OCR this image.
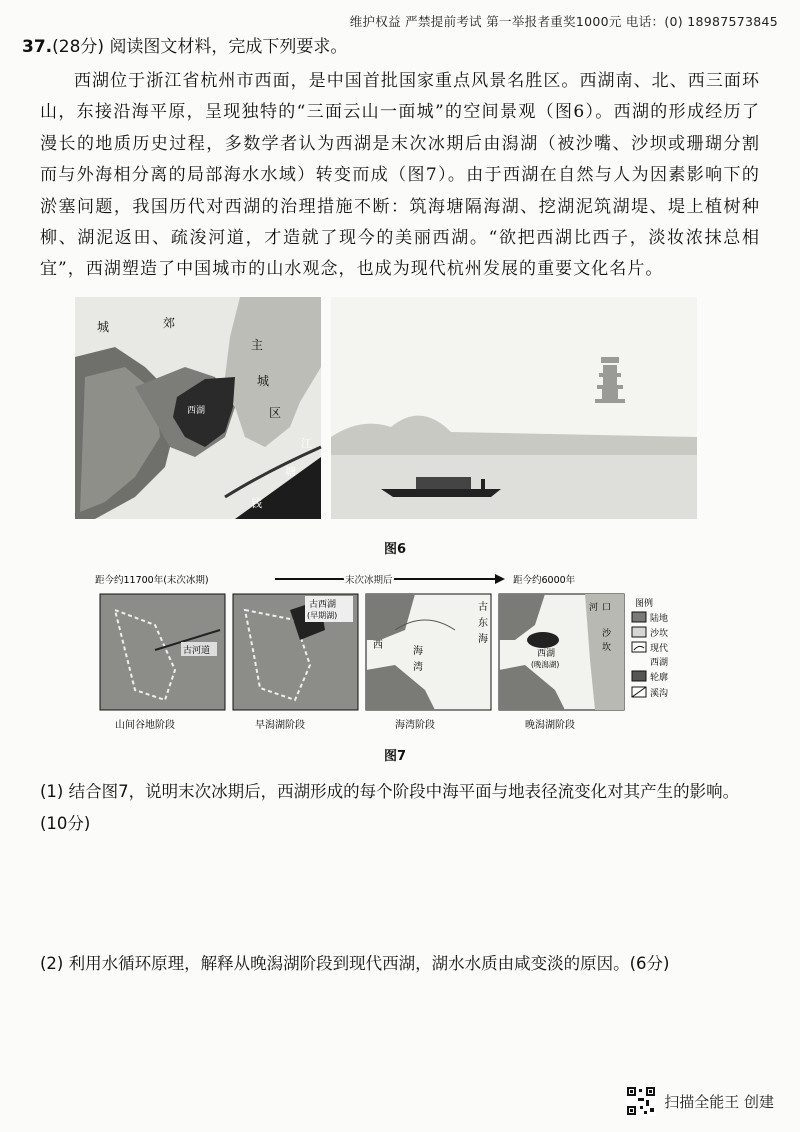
维护权益 严禁提前考试 第一举报者重奖1000元 电话：(0) 18987573845
37.(28分) 阅读图文材料，完成下列要求。
西湖位于浙江省杭州市西面，是中国首批国家重点风景名胜区。西湖南、北、西三面环山，东接沿海平原，呈现独特的“三面云山一面城”的空间景观（图6）。西湖的形成经历了漫长的地质历史过程，多数学者认为西湖是末次冰期后由潟湖（被沙嘴、沙坝或珊瑚分割而与外海相分离的局部海水水域）转变而成（图7）。由于西湖在自然与人为因素影响下的淤塞问题，我国历代对西湖的治理措施不断：筑海塘隔海湖、挖湖泥筑湖堤、堤上植树种柳、湖泥返田、疏浚河道，才造就了现今的美丽西湖。“欲把西湖比西子，淡妆浓抹总相宜”，西湖塑造了中国城市的山水观念，也成为现代杭州发展的重要文化名片。
城	郊
主
城
区
西湖
江
塘
钱
图6
距今约11700年(末次冰期)	末次冰期后	距今约6000年
古河道
古西湖
(早期湖)
西
海
湾
古
东
海
西湖
(晚潟湖)
河 口
沙
坎
图例
陆地
沙坎
现代
西湖
轮廓
溪沟
山间谷地阶段	早潟湖阶段	海湾阶段	晚潟湖阶段
图7
(1) 结合图7，说明末次冰期后，西湖形成的每个阶段中海平面与地表径流变化对其产生的影响。(10分)
(2) 利用水循环原理，解释从晚潟湖阶段到现代西湖，湖水水质由咸变淡的原因。(6分)
扫描全能王 创建
